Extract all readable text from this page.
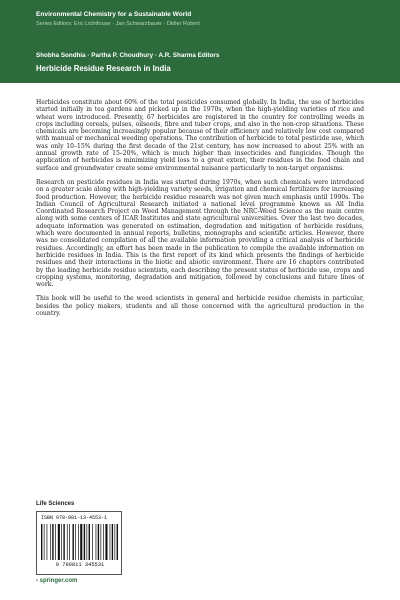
Environmental Chemistry for a Sustainable World
Series Editors: Eric Lichtfouse · Jan Schwarzbauer · Didier Robert
Shobha Sondhia · Partha P. Choudhury · A.R. Sharma Editors
Herbicide Residue Research in India

Herbicides constitute about 60% of the total pesticides consumed globally. In India, the use of herbicides started initially in tea gardens and picked up in the 1970s, when the high-yielding varieties of rice and wheat were introduced. Presently, 67 herbicides are registered in the country for controlling weeds in crops including cereals, pulses, oilseeds, fibre and tuber crops, and also in the non-crop situations. These chemicals are becoming increasingly popular because of their efficiency and relatively low cost compared with manual or mechanical weeding operations. The contribution of herbicide to total pesticide use, which was only 10–15% during the first decade of the 21st century, has now increased to about 25% with an annual growth rate of 15–20%, which is much higher than insecticides and fungicides. Though the application of herbicides is minimizing yield loss to a great extent, their residues in the food chain and surface and groundwater create some environmental nuisance particularly to non-target organisms.

Research on pesticide residues in India was started during 1970s, when such chemicals were introduced on a greater scale along with high-yielding variety seeds, irrigation and chemical fertilizers for increasing food production. However, the herbicide residue research was not given much emphasis until 1990s. The Indian Council of Agricultural Research initiated a national level programme known as All India Coordinated Research Project on Weed Management through the NRC-Weed Science as the main centre along with some centers of ICAR Institutes and state agricultural universities. Over the last two decades, adequate information was generated on estimation, degradation and mitigation of herbicide residues, which were documented in annual reports, bulletins, monographs and scientific articles. However, there was no consolidated compilation of all the available information providing a critical analysis of herbicide residues. Accordingly, an effort has been made in the publication to compile the available information on herbicide residues in India. This is the first report of its kind which presents the findings of herbicide residues and their interactions in the biotic and abiotic environment. There are 16 chapters contributed by the leading herbicide residue scientists, each describing the present status of herbicide use, crops and cropping systems, monitoring, degradation and mitigation, followed by conclusions and future lines of work.

This book will be useful to the weed scientists in general and herbicide residue chemists in particular, besides the policy makers, students and all those concerned with the agricultural production in the country.

Life Sciences
ISBN 978-981-13-4553-1
9 789811 345531
› springer.com
